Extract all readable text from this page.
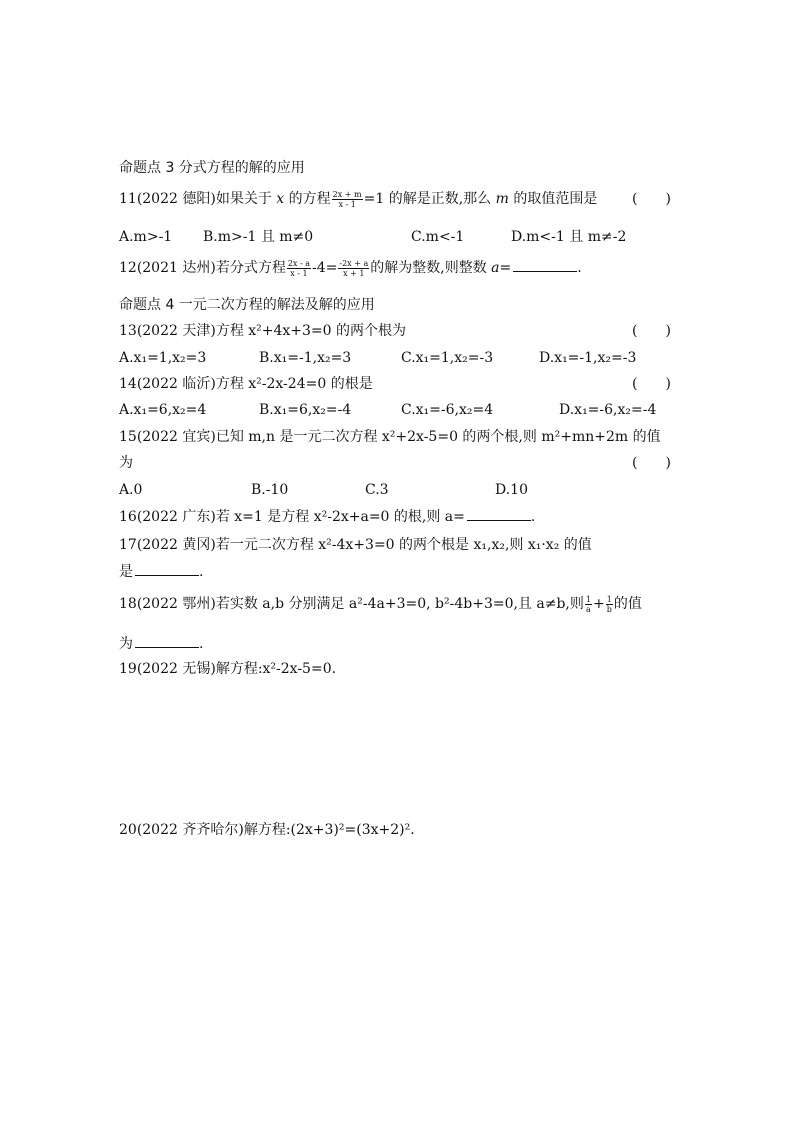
命题点 3 分式方程的解的应用
11(2022 德阳)如果关于 x 的方程 $\frac{2x + m}{x - 1} =1$ 的解是正数,那么 m 的取值范围是 (　　)
A.m>-1 B.m>-1 且 m≠0	C.m<-1	D.m<-1 且 m≠-2
12(2021 达州)若分式方程 $\frac{2x - a}{x - 1} -4= \frac{-2x + a}{x + 1}$ 的解为整数,则整数 a=	.
命题点 4 一元二次方程的解法及解的应用
13(2022 天津)方程 x²+4x+3=0 的两个根为	(　　)
A.x₁=1,x₂=3	B.x₁=-1,x₂=3	C.x₁=1,x₂=-3	D.x₁=-1,x₂=-3
14(2022 临沂)方程 x²-2x-24=0 的根是	(　　)
A.x₁=6,x₂=4	B.x₁=6,x₂=-4	C.x₁=-6,x₂=4	D.x₁=-6,x₂=-4
15(2022 宜宾)已知 m,n 是一元二次方程 x²+2x-5=0 的两个根,则 m²+mn+2m 的值
为	(　　)
A.0	B.-10	C.3	D.10
16(2022 广东)若 x=1 是方程 x²-2x+a=0 的根,则 a=	.
17(2022 黄冈)若一元二次方程 x²-4x+3=0 的两个根是 x₁,x₂,则 x₁·x₂ 的值
是	.
18(2022 鄂州)若实数 a,b 分别满足 a²-4a+3=0, b²-4b+3=0,且 a≠b,则 $\frac{1}{a} + \frac{1}{b}$ 的值
为	.
19(2022 无锡)解方程:x²-2x-5=0.
20(2022 齐齐哈尔)解方程:(2x+3)²=(3x+2)².
